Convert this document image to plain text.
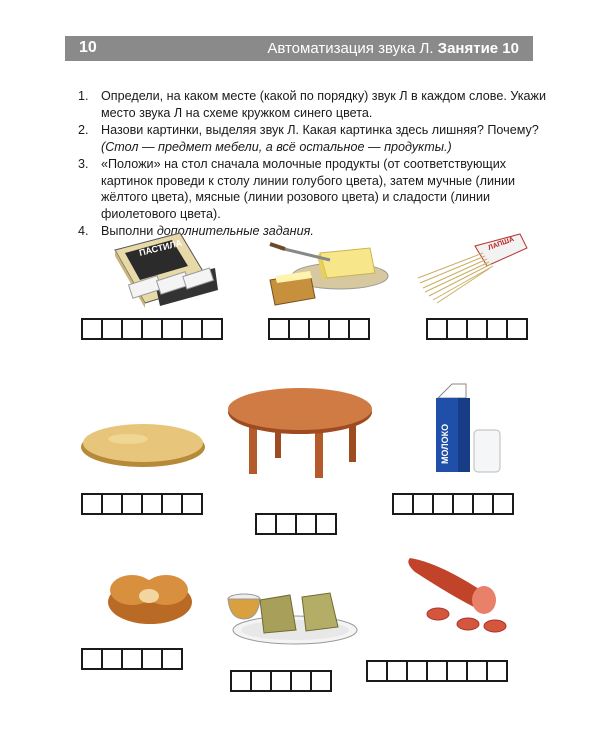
10	Автоматизация звука Л. Занятие 10
1. Определи, на каком месте (какой по порядку) звук Л в каждом слове. Укажи место звука Л на схеме кружком синего цвета.
2. Назови картинки, выделяя звук Л. Какая картинка здесь лишняя? Почему?
(Стол — предмет мебели, а всё остальное — продукты.)
3. «Положи» на стол сначала молочные продукты (от соответствующих картинок проведи к столу линии голубого цвета), затем мучные (линии жёлтого цвета), мясные (линии розового цвета) и сладости (линии фиолетового цвета).
4. Выполни дополнительные задания.
ПАСТИЛА	ЛАПША
МОЛОКО
